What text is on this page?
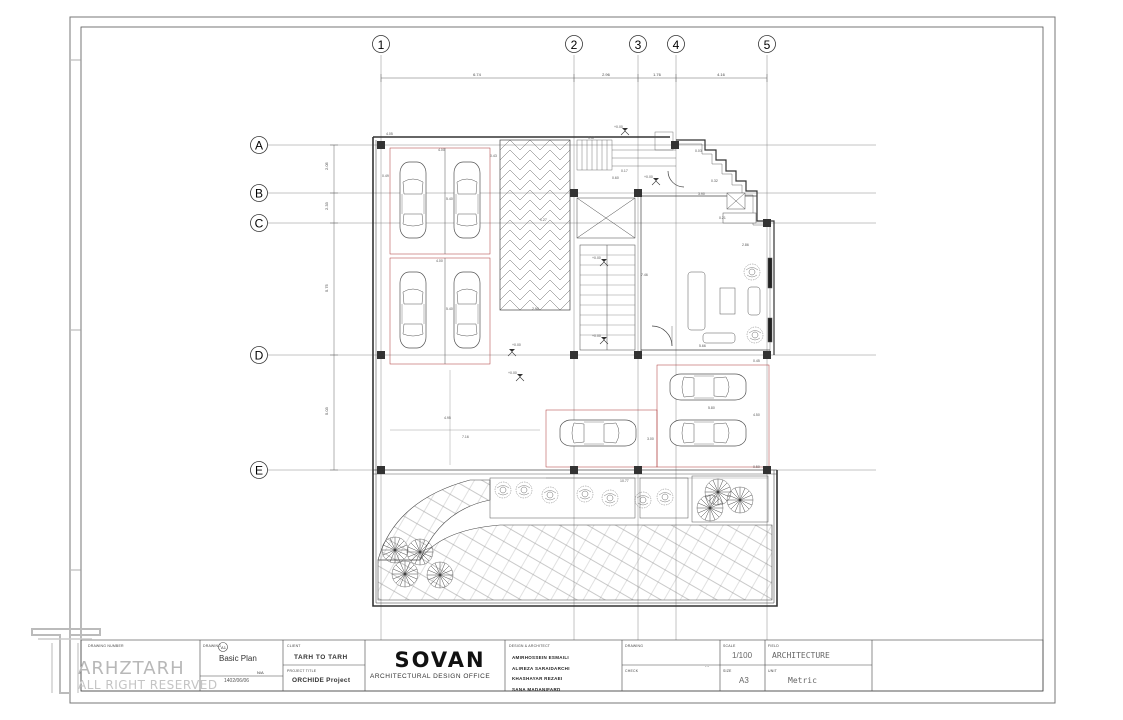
1	2	3	4	5
A
B
C
D
E
6.74	2.96	1.76	4.16
2.05
2.33
5.75
5.03
4.05
4.00
0.49
5.40
4.00
5.40
0.43
1.37
0.60
0.17
3.90
7.46
2.90
3.00
5.80
0.45
4.95
4.50
5.66
7.16
0.50
10.77
0.21
2.86
0.32
1.27
0.03
+0.00
+0.00
+0.00
+0.00
+0.00
+0.00
DRAWING NUMBER	DRAWING A1
Basic Plan
N/A
1402/06/06
CLIENT
TARH TO TARH
PROJECT TITLE
ORCHIDE Project
SOVAN
ARCHITECTURAL DESIGN OFFICE
DESIGN & ARCHITECT
AMIRHOSSEIN ESMAILI
ALIREZA SARAIDARCHI
KHASHAYAR REZAEI
SANA MADANIFARD
DRAWING
CHECK
...
SCALE
1/100
SIZE
A3
FIELD
ARCHITECTURE
UNIT
Metric
ARHZTARH
ALL RIGHT RESERVED
